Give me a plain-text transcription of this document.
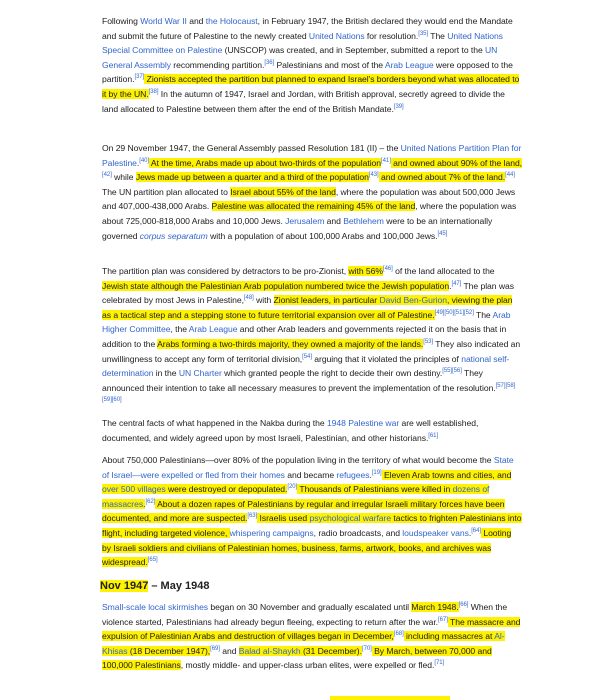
Following World War II and the Holocaust, in February 1947, the British declared they would end the Mandate and submit the future of Palestine to the newly created United Nations for resolution.[35] The United Nations Special Committee on Palestine (UNSCOP) was created, and in September, submitted a report to the UN General Assembly recommending partition.[36] Palestinians and most of the Arab League were opposed to the partition.[37] Zionists accepted the partition but planned to expand Israel's borders beyond what was allocated to it by the UN.[38] In the autumn of 1947, Israel and Jordan, with British approval, secretly agreed to divide the land allocated to Palestine between them after the end of the British Mandate.[39]

On 29 November 1947, the General Assembly passed Resolution 181 (II) – the United Nations Partition Plan for Palestine.[40] At the time, Arabs made up about two-thirds of the population[41] and owned about 90% of the land,[42] while Jews made up between a quarter and a third of the population[43] and owned about 7% of the land.[44] The UN partition plan allocated to Israel about 55% of the land, where the population was about 500,000 Jews and 407,000-438,000 Arabs. Palestine was allocated the remaining 45% of the land, where the population was about 725,000-818,000 Arabs and 10,000 Jews. Jerusalem and Bethlehem were to be an internationally governed corpus separatum with a population of about 100,000 Arabs and 100,000 Jews.[45]

The partition plan was considered by detractors to be pro-Zionist, with 56%[46] of the land allocated to the Jewish state although the Palestinian Arab population numbered twice the Jewish population.[47] The plan was celebrated by most Jews in Palestine,[48] with Zionist leaders, in particular David Ben-Gurion, viewing the plan as a tactical step and a stepping stone to future territorial expansion over all of Palestine.[49][50][51][52] The Arab Higher Committee, the Arab League and other Arab leaders and governments rejected it on the basis that in addition to the Arabs forming a two-thirds majority, they owned a majority of the lands.[53] They also indicated an unwillingness to accept any form of territorial division,[54] arguing that it violated the principles of national self-determination in the UN Charter which granted people the right to decide their own destiny.[55][56] They announced their intention to take all necessary measures to prevent the implementation of the resolution.[57][58][59][60]

The central facts of what happened in the Nakba during the 1948 Palestine war are well established, documented, and widely agreed upon by most Israeli, Palestinian, and other historians.[61]

About 750,000 Palestinians—over 80% of the population living in the territory of what would become the State of Israel—were expelled or fled from their homes and became refugees.[19] Eleven Arab towns and cities, and over 500 villages were destroyed or depopulated.[20] Thousands of Palestinians were killed in dozens of massacres.[62] About a dozen rapes of Palestinians by regular and irregular Israeli military forces have been documented, and more are suspected.[63] Israelis used psychological warfare tactics to frighten Palestinians into flight, including targeted violence, whispering campaigns, radio broadcasts, and loudspeaker vans.[64] Looting by Israeli soldiers and civilians of Palestinian homes, business, farms, artwork, books, and archives was widespread.[65]

Nov 1947 – May 1948

Small-scale local skirmishes began on 30 November and gradually escalated until March 1948.[66] When the violence started, Palestinians had already begun fleeing, expecting to return after the war.[67] The massacre and expulsion of Palestinian Arabs and destruction of villages began in December,[68] including massacres at Al-Khisas (18 December 1947),[69] and Balad al-Shaykh (31 December).[70] By March, between 70,000 and 100,000 Palestinians, mostly middle- and upper-class urban elites, were expelled or fled.[71]
